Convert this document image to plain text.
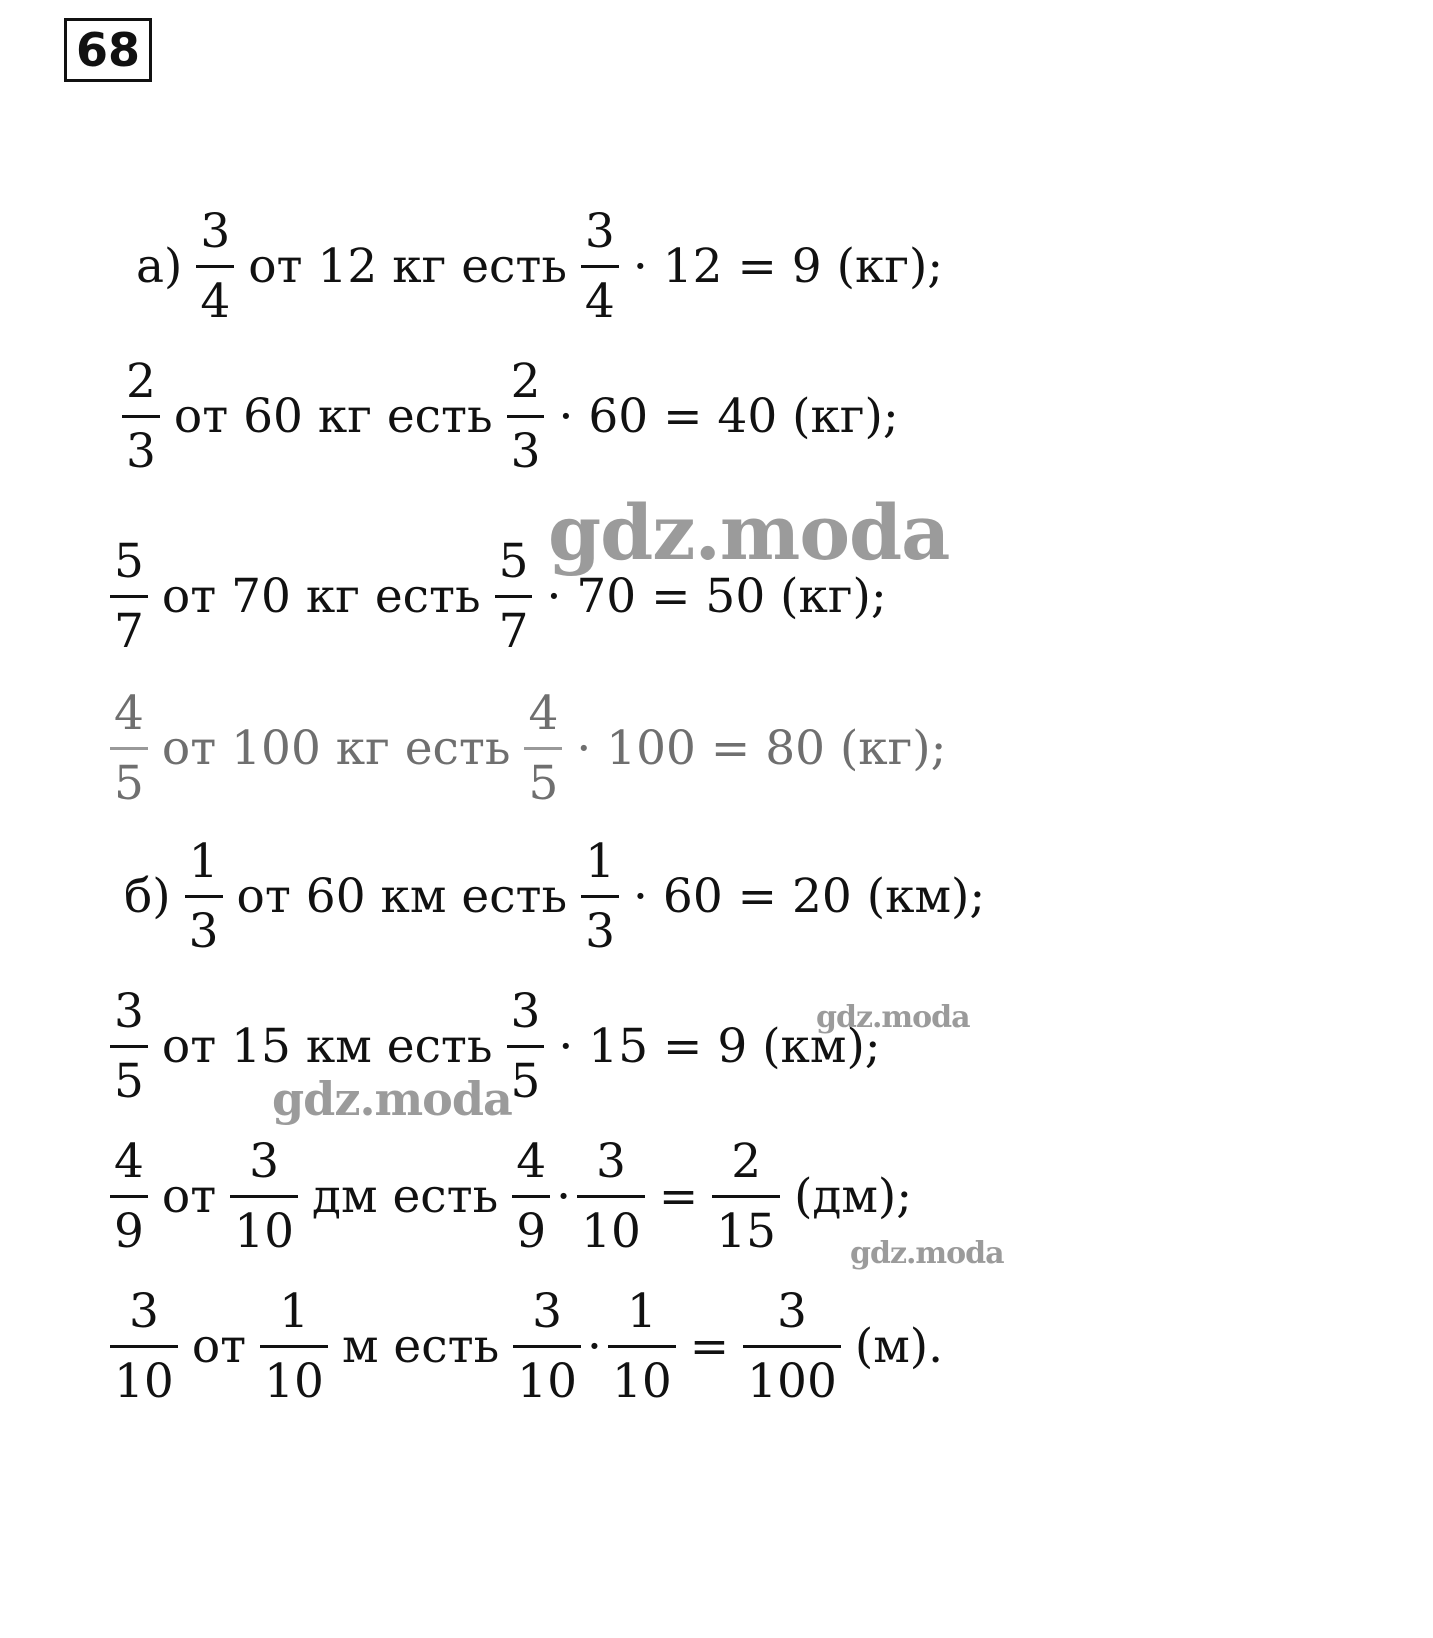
68
$а) \frac{3}{4}$ от 12 кг есть $\frac{3}{4} \cdot 12 = 9$ (кг);
$\frac{2}{3}$ от 60 кг есть $\frac{2}{3} \cdot 60 = 40$ (кг);
$\frac{5}{7}$ от 70 кг есть $\frac{5}{7} \cdot 70 = 50$ (кг);
$\frac{4}{5}$ от 100 кг есть $\frac{4}{5} \cdot 100 = 80$ (кг);
$б) \frac{1}{3}$ от 60 км есть $\frac{1}{3} \cdot 60 = 20$ (км);
$\frac{3}{5}$ от 15 км есть $\frac{3}{5} \cdot 15 = 9$ (км);
$\frac{4}{9}$ от $\frac{3}{10}$ дм есть $\frac{4}{9} \cdot \frac{3}{10} = \frac{2}{15} (дм)$;
$\frac{3}{10}$ от $\frac{1}{10}$ м есть $\frac{3}{10} \cdot \frac{1}{10} = \frac{3}{100} (м)$.
gdz.moda
gdz.moda
gdz.moda
gdz.moda
